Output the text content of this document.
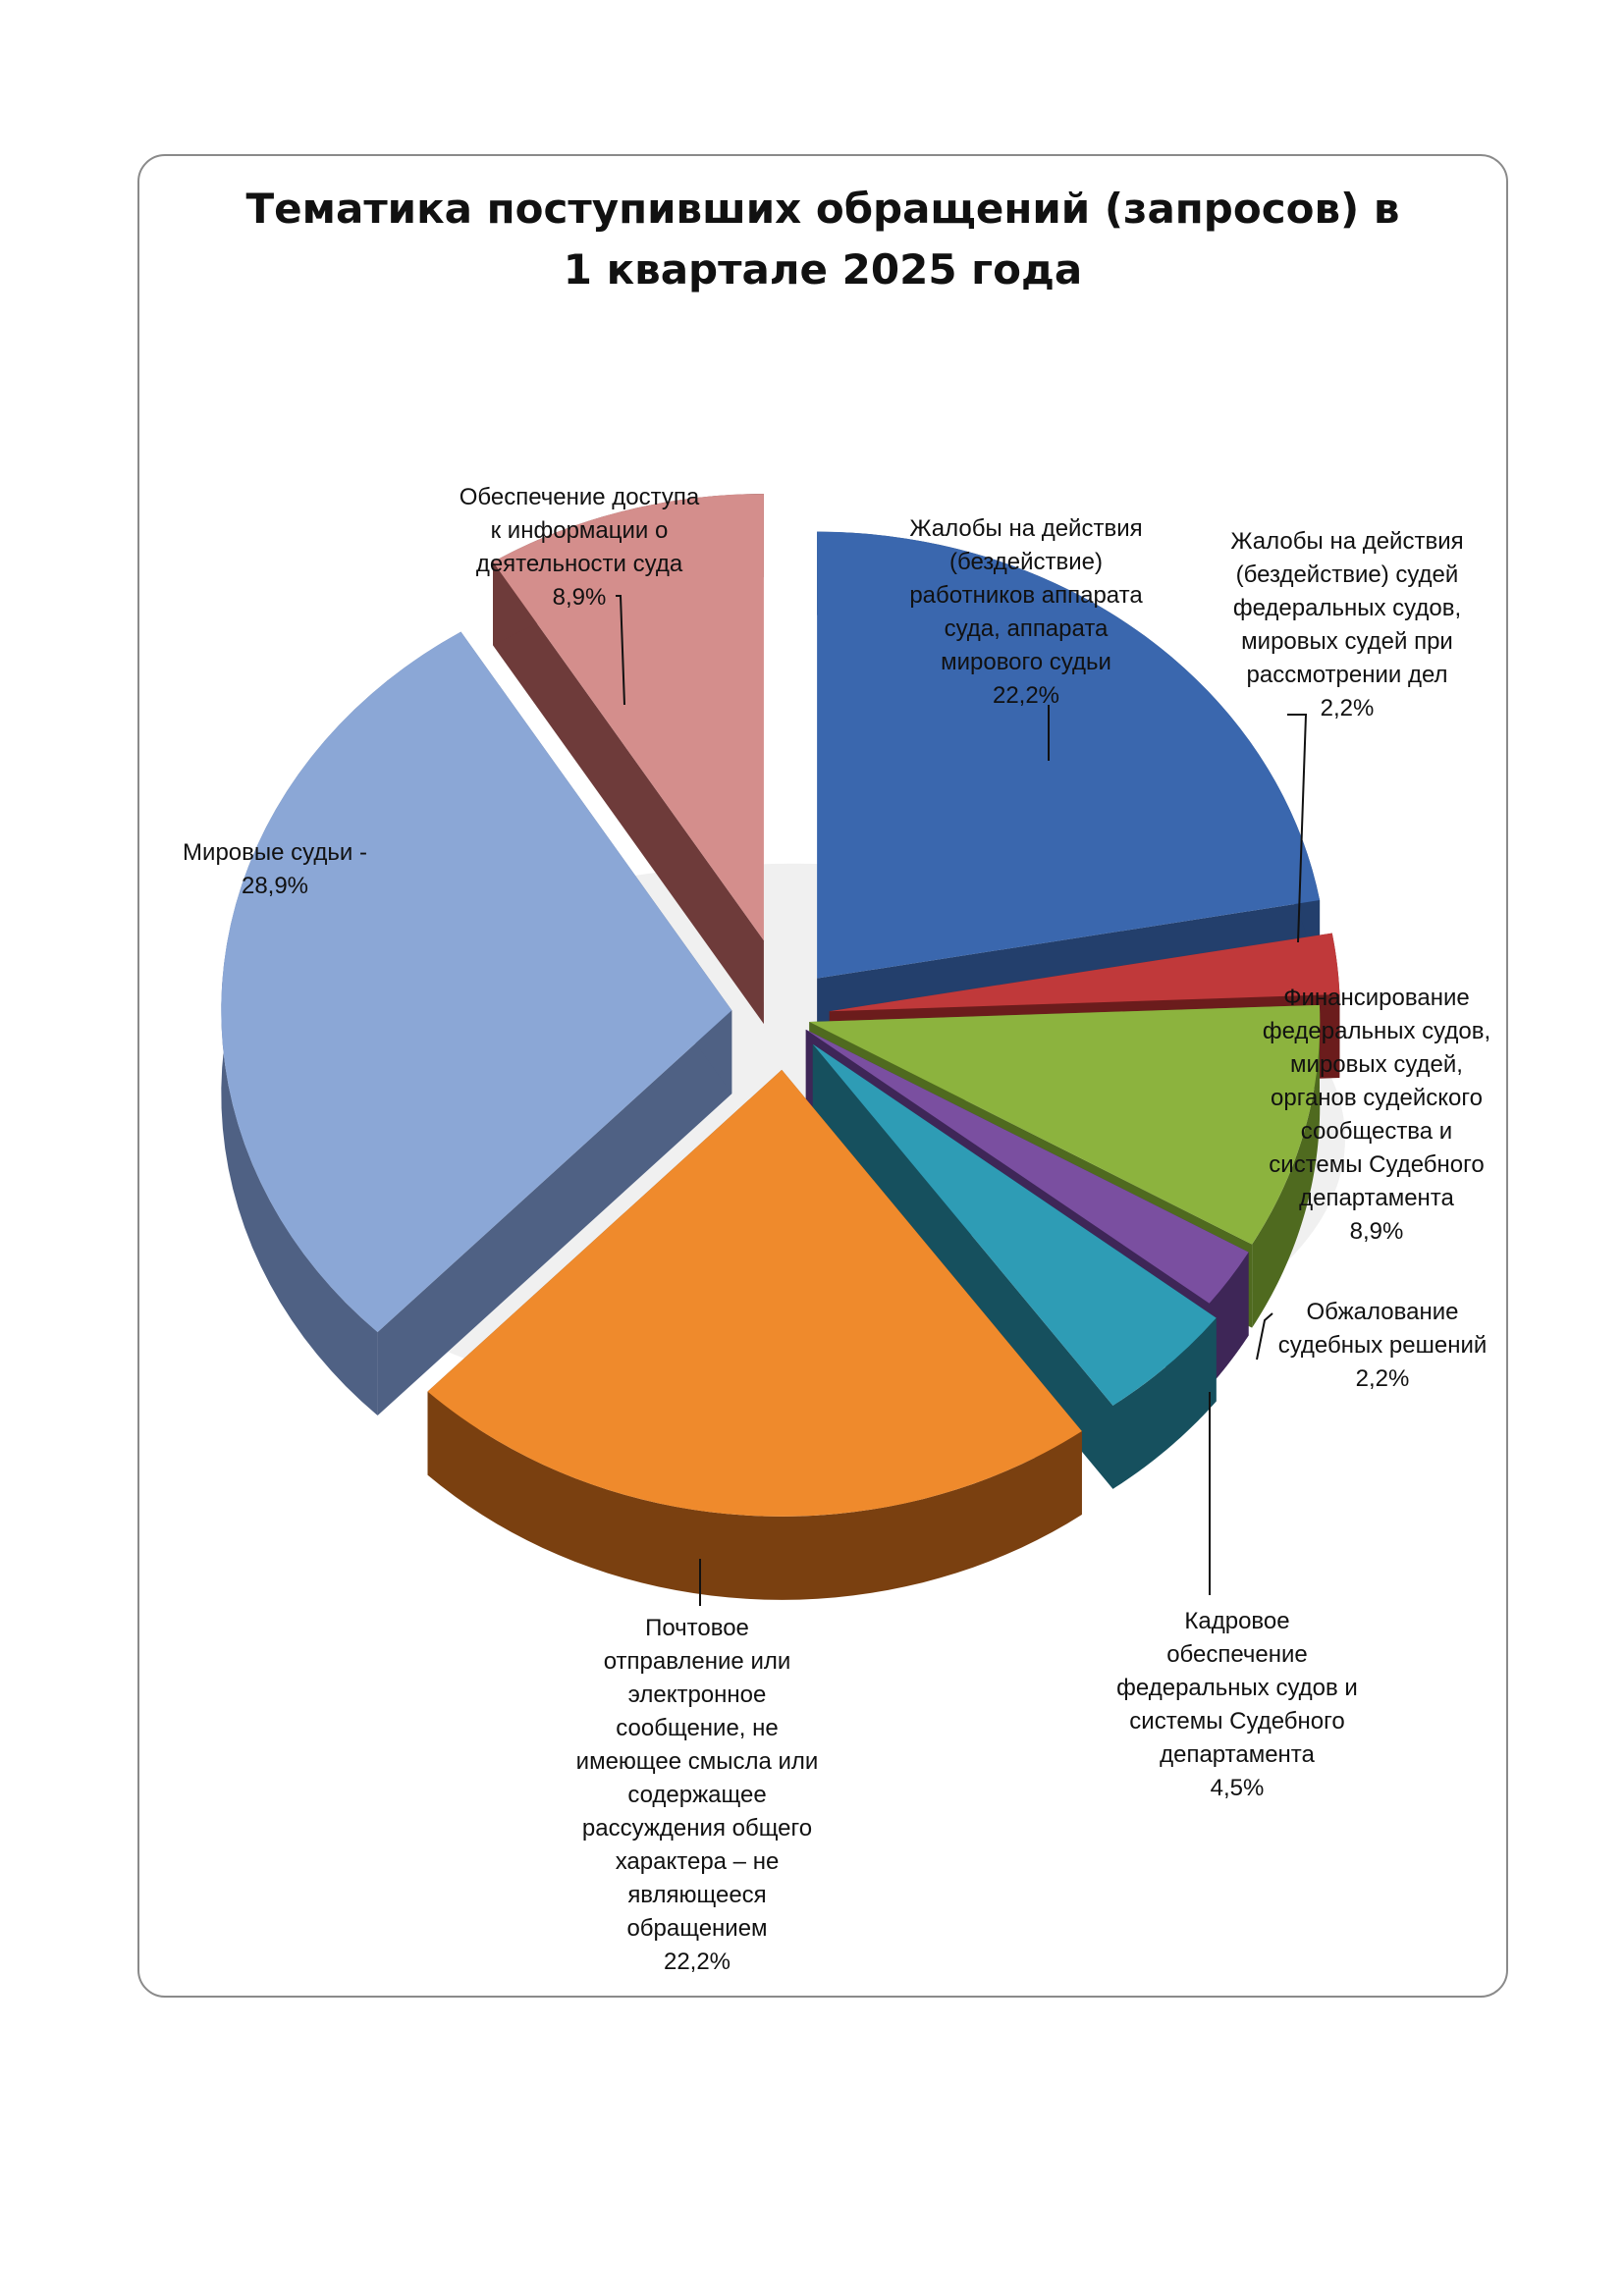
Тематика поступивших обращений (запросов) в
1 квартале 2025 года
Жалобы на действия
(бездействие)
работников аппарата
суда, аппарата
мирового судьи
22,2%
Жалобы на действия
(бездействие) судей
федеральных судов,
мировых судей при
рассмотрении дел
2,2%
Финансирование
федеральных судов,
мировых судей,
органов судейского
сообщества и
системы Судебного
департамента
8,9%
Обжалование
судебных решений
2,2%
Кадровое
обеспечение
федеральных судов и
системы Судебного
департамента
4,5%
Почтовое
отправление или
электронное
сообщение, не
имеющее смысла или
содержащее
рассуждения общего
характера – не
являющееся
обращением
22,2%
Мировые судьи -
28,9%
Обеспечение доступа
к информации о
деятельности суда
8,9%
